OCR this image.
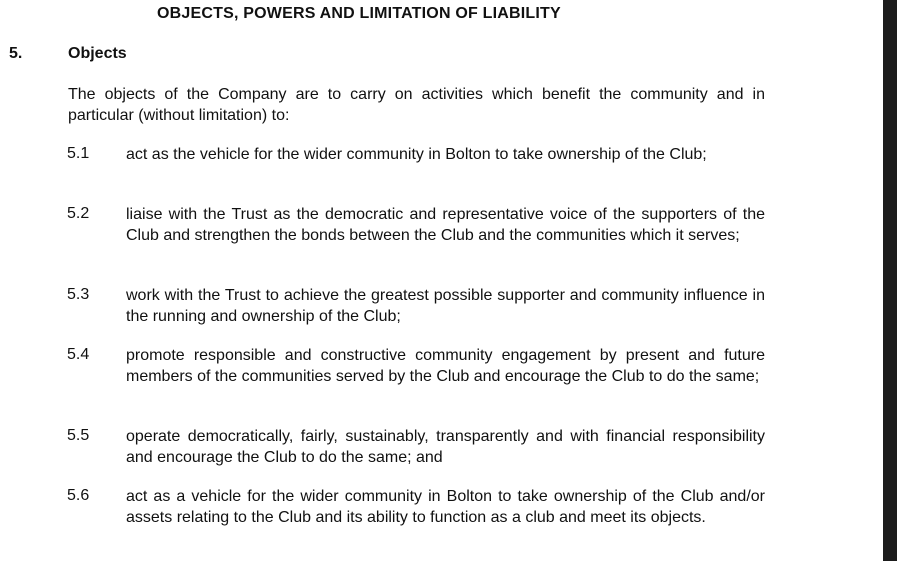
OBJECTS, POWERS AND LIMITATION OF LIABILITY
5.	Objects
The objects of the Company are to carry on activities which benefit the community and in particular (without limitation) to:
5.1 act as the vehicle for the wider community in Bolton to take ownership of the Club;
5.2 liaise with the Trust as the democratic and representative voice of the supporters of the Club and strengthen the bonds between the Club and the communities which it serves;
5.3 work with the Trust to achieve the greatest possible supporter and community influence in the running and ownership of the Club;
5.4 promote responsible and constructive community engagement by present and future members of the communities served by the Club and encourage the Club to do the same;
5.5 operate democratically, fairly, sustainably, transparently and with financial responsibility and encourage the Club to do the same; and
5.6 act as a vehicle for the wider community in Bolton to take ownership of the Club and/or assets relating to the Club and its ability to function as a club and meet its objects.
